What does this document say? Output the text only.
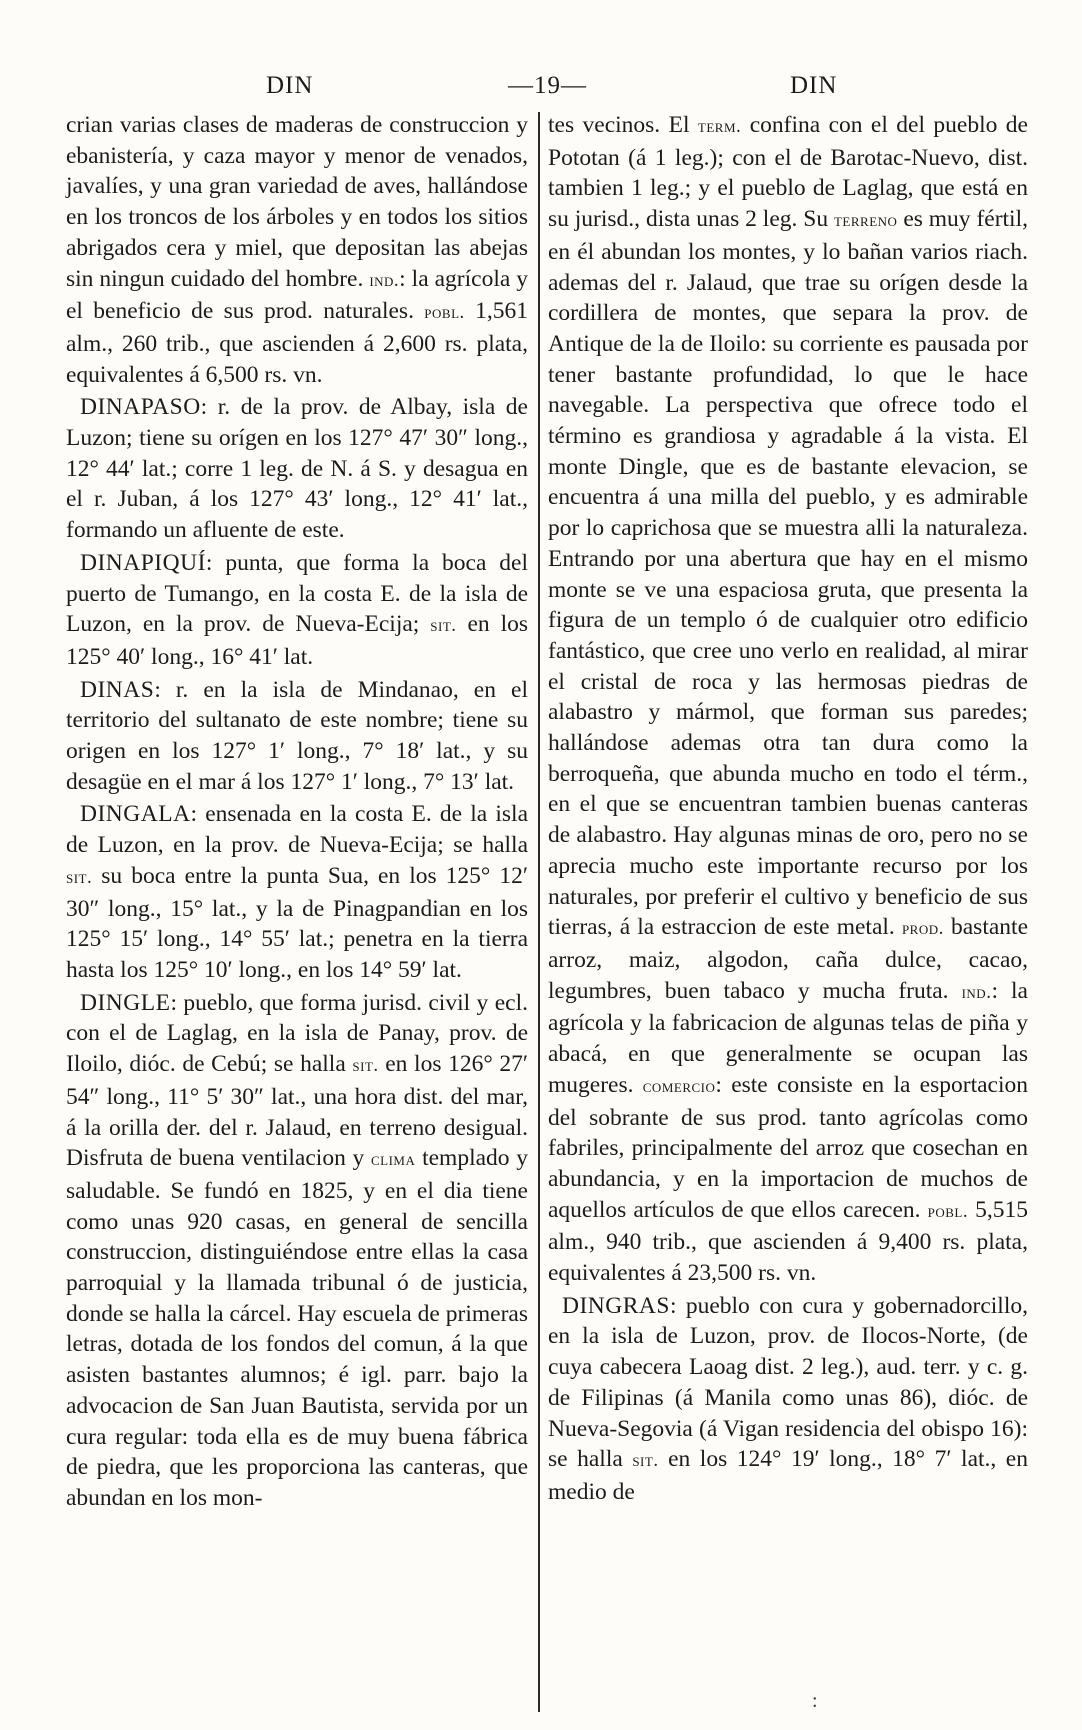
DIN	—19—	DIN

crian varias clases de maderas de construccion y ebanistería, y caza mayor y menor de venados, javalíes, y una gran variedad de aves, hallándose en los troncos de los árboles y en todos los sitios abrigados cera y miel, que depositan las abejas sin ningun cuidado del hombre. ind.: la agrícola y el beneficio de sus prod. naturales. pobl. 1,561 alm., 260 trib., que ascienden á 2,600 rs. plata, equivalentes á 6,500 rs. vn.

DINAPASO: r. de la prov. de Albay, isla de Luzon; tiene su orígen en los 127° 47′ 30″ long., 12° 44′ lat.; corre 1 leg. de N. á S. y desagua en el r. Juban, á los 127° 43′ long., 12° 41′ lat., formando un afluente de este.

DINAPIQUÍ: punta, que forma la boca del puerto de Tumango, en la costa E. de la isla de Luzon, en la prov. de Nueva-Ecija; sit. en los 125° 40′ long., 16° 41′ lat.

DINAS: r. en la isla de Mindanao, en el territorio del sultanato de este nombre; tiene su origen en los 127° 1′ long., 7° 18′ lat., y su desagüe en el mar á los 127° 1′ long., 7° 13′ lat.

DINGALA: ensenada en la costa E. de la isla de Luzon, en la prov. de Nueva-Ecija; se halla sit. su boca entre la punta Sua, en los 125° 12′ 30″ long., 15° lat., y la de Pinagpandian en los 125° 15′ long., 14° 55′ lat.; penetra en la tierra hasta los 125° 10′ long., en los 14° 59′ lat.

DINGLE: pueblo, que forma jurisd. civil y ecl. con el de Laglag, en la isla de Panay, prov. de Iloilo, dióc. de Cebú; se halla sit. en los 126° 27′ 54″ long., 11° 5′ 30″ lat., una hora dist. del mar, á la orilla der. del r. Jalaud, en terreno desigual. Disfruta de buena ventilacion y clima templado y saludable. Se fundó en 1825, y en el dia tiene como unas 920 casas, en general de sencilla construccion, distinguiéndose entre ellas la casa parroquial y la llamada tribunal ó de justicia, donde se halla la cárcel. Hay escuela de primeras letras, dotada de los fondos del comun, á la que asisten bastantes alumnos; é igl. parr. bajo la advocacion de San Juan Bautista, servida por un cura regular: toda ella es de muy buena fábrica de piedra, que les proporciona las canteras, que abundan en los mon-

tes vecinos. El term. confina con el del pueblo de Pototan (á 1 leg.); con el de Barotac-Nuevo, dist. tambien 1 leg.; y el pueblo de Laglag, que está en su jurisd., dista unas 2 leg. Su terreno es muy fértil, en él abundan los montes, y lo bañan varios riach. ademas del r. Jalaud, que trae su orígen desde la cordillera de montes, que separa la prov. de Antique de la de Iloilo: su corriente es pausada por tener bastante profundidad, lo que le hace navegable. La perspectiva que ofrece todo el término es grandiosa y agradable á la vista. El monte Dingle, que es de bastante elevacion, se encuentra á una milla del pueblo, y es admirable por lo caprichosa que se muestra alli la naturaleza. Entrando por una abertura que hay en el mismo monte se ve una espaciosa gruta, que presenta la figura de un templo ó de cualquier otro edificio fantástico, que cree uno verlo en realidad, al mirar el cristal de roca y las hermosas piedras de alabastro y mármol, que forman sus paredes; hallándose ademas otra tan dura como la berroqueña, que abunda mucho en todo el térm., en el que se encuentran tambien buenas canteras de alabastro. Hay algunas minas de oro, pero no se aprecia mucho este importante recurso por los naturales, por preferir el cultivo y beneficio de sus tierras, á la estraccion de este metal. prod. bastante arroz, maiz, algodon, caña dulce, cacao, legumbres, buen tabaco y mucha fruta. ind.: la agrícola y la fabricacion de algunas telas de piña y abacá, en que generalmente se ocupan las mugeres. comercio: este consiste en la esportacion del sobrante de sus prod. tanto agrícolas como fabriles, principalmente del arroz que cosechan en abundancia, y en la importacion de muchos de aquellos artículos de que ellos carecen. pobl. 5,515 alm., 940 trib., que ascienden á 9,400 rs. plata, equivalentes á 23,500 rs. vn.

DINGRAS: pueblo con cura y gobernadorcillo, en la isla de Luzon, prov. de Ilocos-Norte, (de cuya cabecera Laoag dist. 2 leg.), aud. terr. y c. g. de Filipinas (á Manila como unas 86), dióc. de Nueva-Segovia (á Vigan residencia del obispo 16): se halla sit. en los 124° 19′ long., 18° 7′ lat., en medio de

:
